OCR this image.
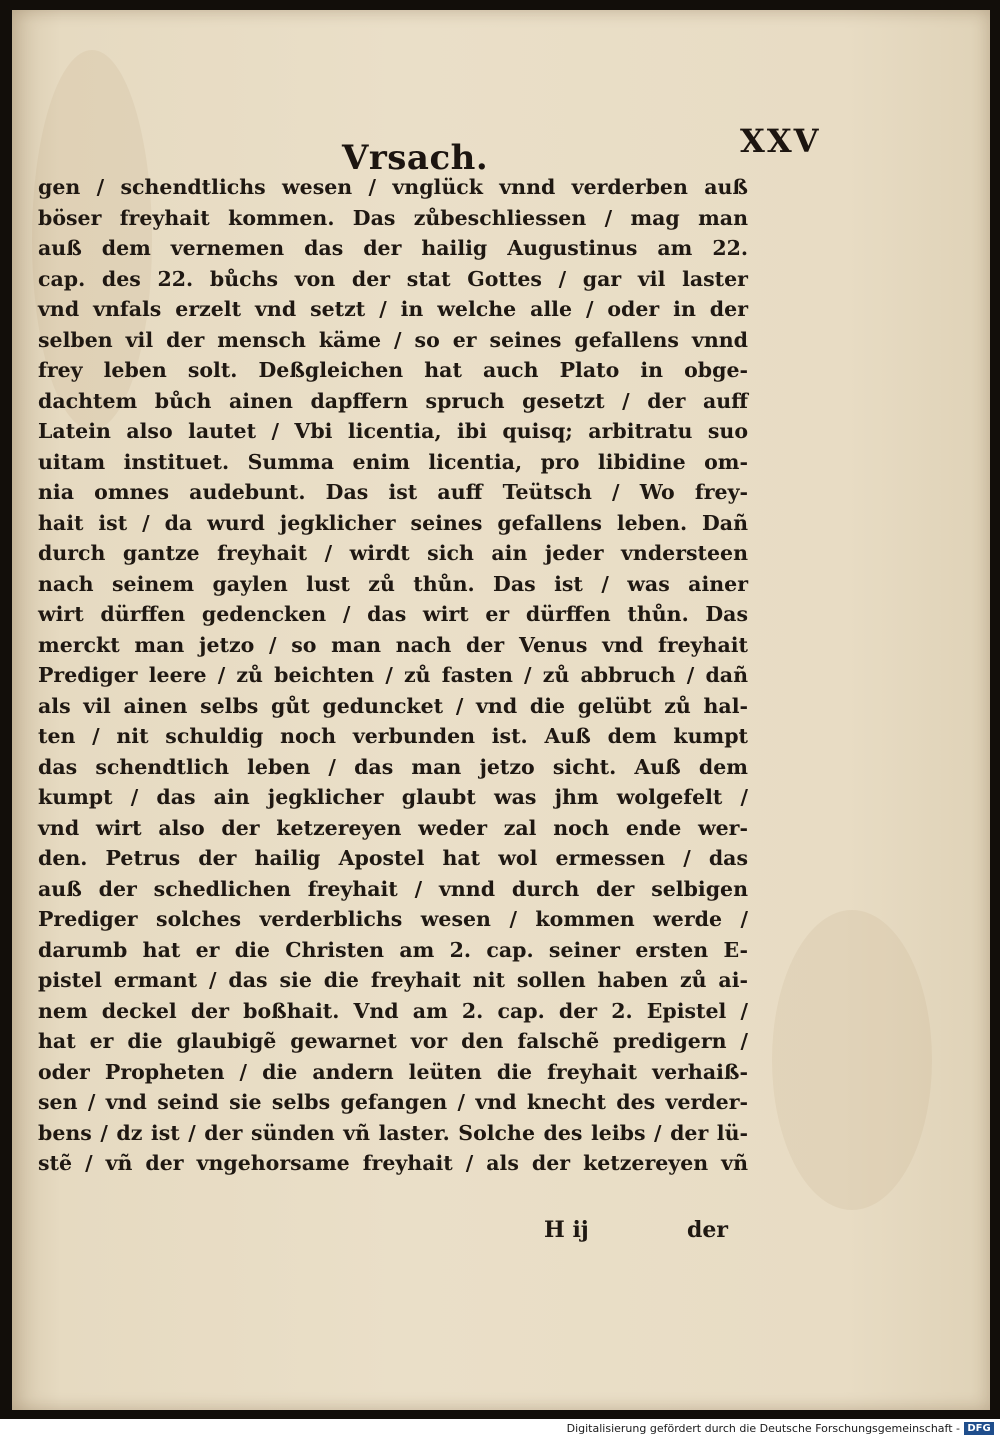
Vrsach.	XXV
gen / schendtlichs wesen / vnglück vnnd verderben auß
böser freyhait kommen. Das zůbeschliessen / mag man
auß dem vernemen das der hailig Augustinus am 22.
cap. des 22. bůchs von der stat Gottes / gar vil laster
vnd vnfals erzelt vnd setzt / in welche alle / oder in der
selben vil der mensch käme / so er seines gefallens vnnd
frey leben solt. Deßgleichen hat auch Plato in obge-
dachtem bůch ainen dapffern spruch gesetzt / der auff
Latein also lautet / Vbi licentia, ibi quisq; arbitratu suo
uitam instituet. Summa enim licentia, pro libidine om-
nia omnes audebunt. Das ist auff Teütsch / Wo frey-
hait ist / da wurd jegklicher seines gefallens leben. Dañ
durch gantze freyhait / wirdt sich ain jeder vndersteen
nach seinem gaylen lust zů thůn. Das ist / was ainer
wirt dürffen gedencken / das wirt er dürffen thůn. Das
merckt man jetzo / so man nach der Venus vnd freyhait
Prediger leere / zů beichten / zů fasten / zů abbruch / dañ
als vil ainen selbs gůt geduncket / vnd die gelübt zů hal-
ten / nit schuldig noch verbunden ist. Auß dem kumpt
das schendtlich leben / das man jetzo sicht. Auß dem
kumpt / das ain jegklicher glaubt was jhm wolgefelt /
vnd wirt also der ketzereyen weder zal noch ende wer-
den. Petrus der hailig Apostel hat wol ermessen / das
auß der schedlichen freyhait / vnnd durch der selbigen
Prediger solches verderblichs wesen / kommen werde /
darumb hat er die Christen am 2. cap. seiner ersten E-
pistel ermant / das sie die freyhait nit sollen haben zů ai-
nem deckel der boßhait. Vnd am 2. cap. der 2. Epistel /
hat er die glaubigẽ gewarnet vor den falschẽ predigern /
oder Propheten / die andern leüten die freyhait verhaiß-
sen / vnd seind sie selbs gefangen / vnd knecht des verder-
bens / dz ist / der sünden vñ laster. Solche des leibs / der lü-
stẽ / vñ der vngehorsame freyhait / als der ketzereyen vñ
H ij	der
Digitalisierung gefördert durch die Deutsche Forschungsgemeinschaft - DFG
